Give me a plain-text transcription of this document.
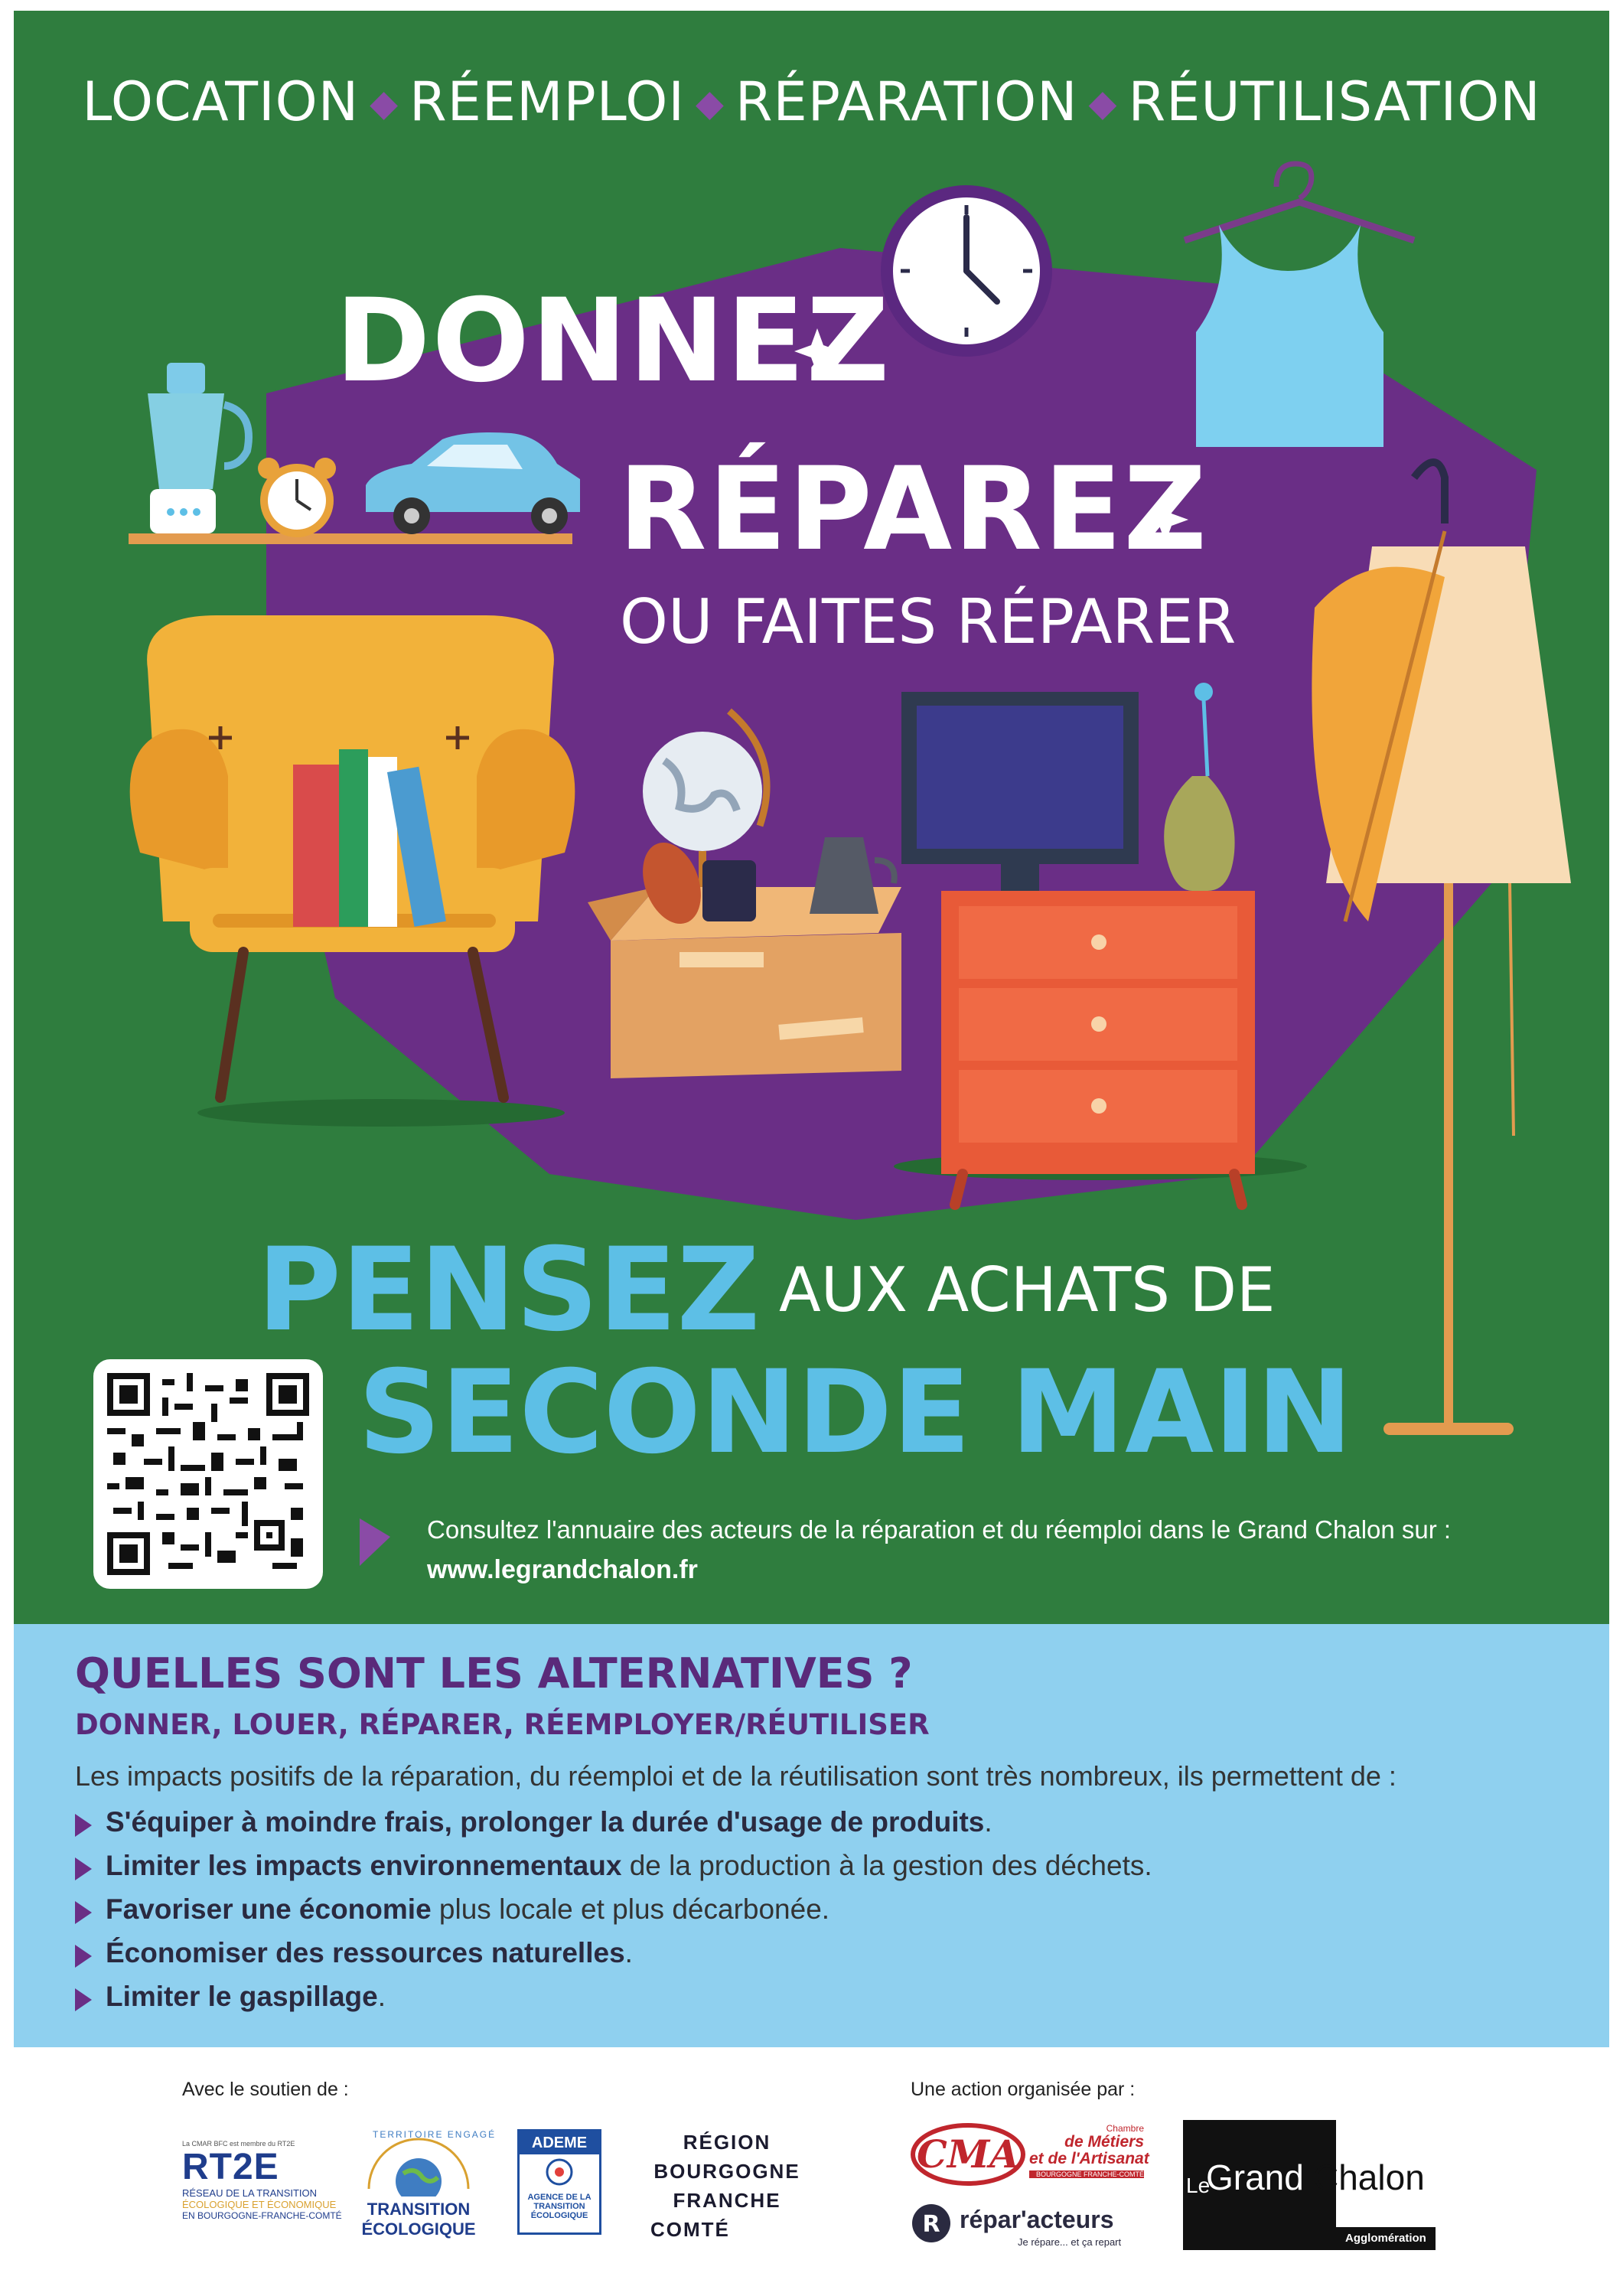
LOCATION ◆ RÉEMPLOI ◆ RÉPARATION ◆ RÉUTILISATION
DONNEZ
RÉPAREZ
OU FAITES RÉPARER
PENSEZ AUX ACHATS DE
SECONDE MAIN
Consultez l'annuaire des acteurs de la réparation et du réemploi dans le Grand Chalon sur :
www.legrandchalon.fr
QUELLES SONT LES ALTERNATIVES ?
DONNER, LOUER, RÉPARER, RÉEMPLOYER/RÉUTILISER
Les impacts positifs de la réparation, du réemploi et de la réutilisation sont très nombreux, ils permettent de :
S'équiper à moindre frais, prolonger la durée d'usage de produits.
Limiter les impacts environnementaux de la production à la gestion des déchets.
Favoriser une économie plus locale et plus décarbonée.
Économiser des ressources naturelles.
Limiter le gaspillage.
Avec le soutien de :	Une action organisée par :
La CMAR BFC est membre du RT2E
RT2E
RÉSEAU DE LA TRANSITION
ÉCOLOGIQUE ET ÉCONOMIQUE
EN BOURGOGNE-FRANCHE-COMTÉ
TERRITOIRE ENGAGÉ
TRANSITION
ÉCOLOGIQUE
ADEME
AGENCE DE LA
TRANSITION
ÉCOLOGIQUE
RÉGION
BOURGOGNE
FRANCHE
COMTÉ
CMA
Chambre
de Métiers
et de l'Artisanat
BOURGOGNE FRANCHE-COMTÉ
R répar'acteurs
Je répare... et ça repart
Le
Grand Chalon
Agglomération
